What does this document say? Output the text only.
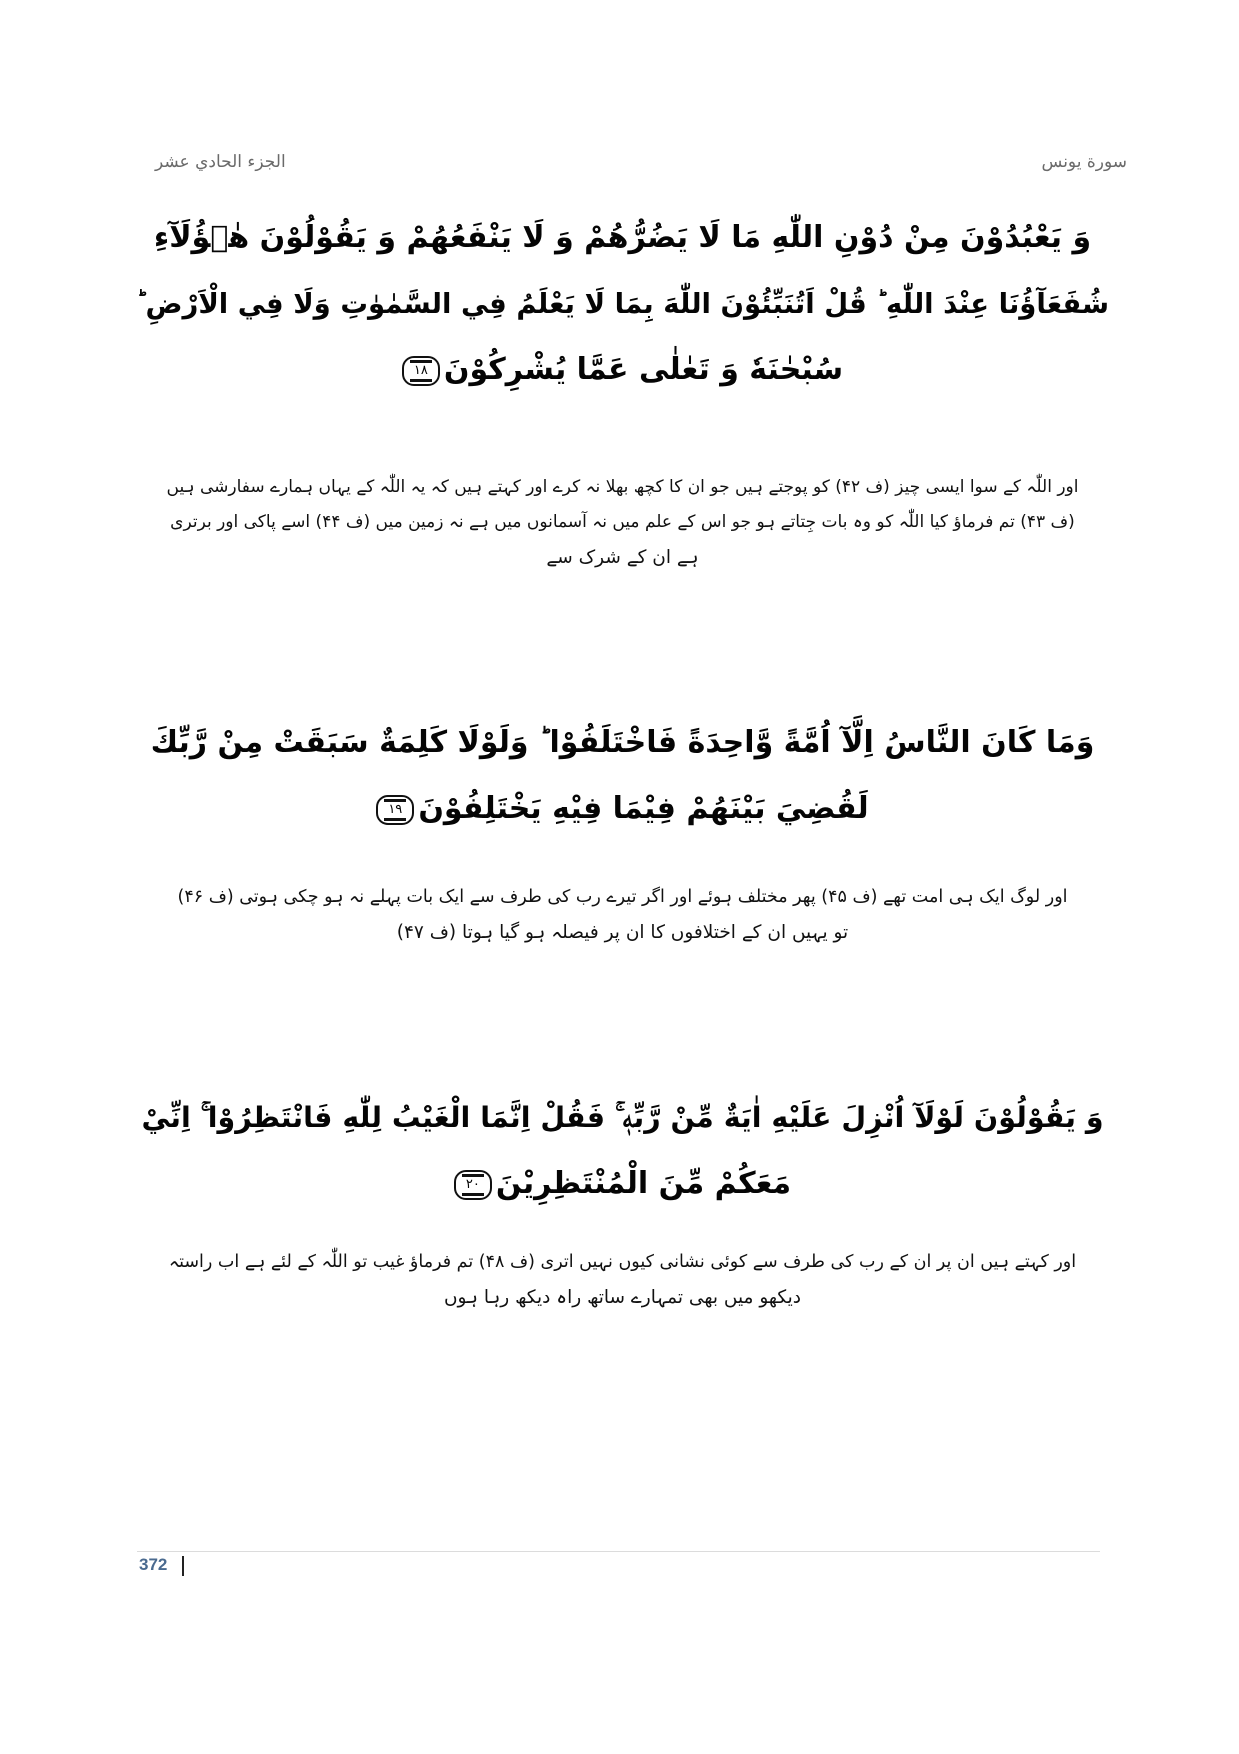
الجزء الحادي عشر	سورة يونس
وَ يَعْبُدُوْنَ مِنْ دُوْنِ اللّٰهِ مَا لَا يَضُرُّهُمْ وَ لَا يَنْفَعُهُمْ وَ يَقُوْلُوْنَ هٰۤؤُلَآءِ
شُفَعَآؤُنَا عِنْدَ اللّٰهِ ؕ قُلْ اَتُنَبِّئُوْنَ اللّٰهَ بِمَا لَا يَعْلَمُ فِي السَّمٰوٰتِ وَلَا فِي الْاَرْضِ ؕ
سُبْحٰنَهٗ وَ تَعٰلٰى عَمَّا يُشْرِكُوْنَ١٨
اور اللّٰہ کے سوا ایسی چیز (ف ۴۲) کو پوجتے ہیں جو ان کا کچھ بھلا نہ کرے اور کہتے ہیں کہ یہ اللّٰہ کے یہاں ہمارے سفارشی ہیں
(ف ۴۳) تم فرماؤ کیا اللّٰہ کو وہ بات جِتاتے ہو جو اس کے علم میں نہ آسمانوں میں ہے نہ زمین میں (ف ۴۴) اسے پاکی اور برتری
ہے ان کے شرک سے
وَمَا كَانَ النَّاسُ اِلَّآ اُمَّةً وَّاحِدَةً فَاخْتَلَفُوْا ؕ وَلَوْلَا كَلِمَةٌ سَبَقَتْ مِنْ رَّبِّكَ
لَقُضِيَ بَيْنَهُمْ فِيْمَا فِيْهِ يَخْتَلِفُوْنَ١٩
اور لوگ ایک ہی امت تھے (ف ۴۵) پھر مختلف ہوئے اور اگر تیرے رب کی طرف سے ایک بات پہلے نہ ہو چکی ہوتی (ف ۴۶)
تو یہیں ان کے اختلافوں کا ان پر فیصلہ ہو گیا ہوتا (ف ۴۷)
وَ يَقُوْلُوْنَ لَوْلَآ اُنْزِلَ عَلَيْهِ اٰيَةٌ مِّنْ رَّبِّهٖ ۚ فَقُلْ اِنَّمَا الْغَيْبُ لِلّٰهِ فَانْتَظِرُوْا ۚ اِنِّيْ
مَعَكُمْ مِّنَ الْمُنْتَظِرِيْنَ٢٠
اور کہتے ہیں ان پر ان کے رب کی طرف سے کوئی نشانی کیوں نہیں اتری (ف ۴۸) تم فرماؤ غیب تو اللّٰہ کے لئے ہے اب راستہ
دیکھو میں بھی تمہارے ساتھ راہ دیکھ رہا ہوں
372
